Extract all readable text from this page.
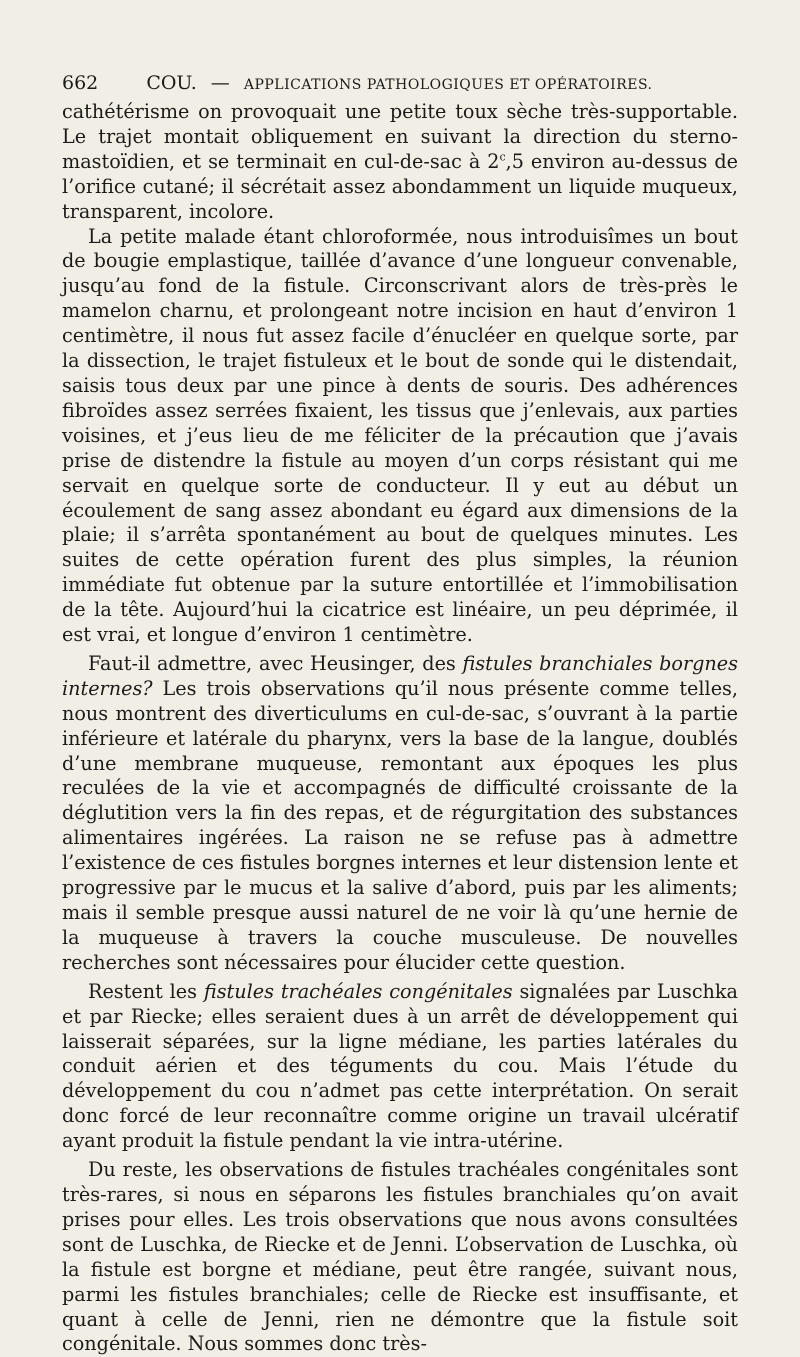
662	COU. — APPLICATIONS PATHOLOGIQUES ET OPÉRATOIRES.

cathétérisme on provoquait une petite toux sèche très-supportable. Le trajet montait obliquement en suivant la direction du sterno-mastoïdien, et se terminait en cul-de-sac à 2$^c$,5 environ au-dessus de l’orifice cutané; il sécrétait assez abondamment un liquide muqueux, transparent, incolore.

La petite malade étant chloroformée, nous introduisîmes un bout de bougie emplastique, taillée d’avance d’une longueur convenable, jusqu’au fond de la fistule. Circonscrivant alors de très-près le mamelon charnu, et prolongeant notre incision en haut d’environ 1 centimètre, il nous fut assez facile d’énucléer en quelque sorte, par la dissection, le trajet fistuleux et le bout de sonde qui le distendait, saisis tous deux par une pince à dents de souris. Des adhérences fibroïdes assez serrées fixaient, les tissus que j’enlevais, aux parties voisines, et j’eus lieu de me féliciter de la précaution que j’avais prise de distendre la fistule au moyen d’un corps résistant qui me servait en quelque sorte de conducteur. Il y eut au début un écoulement de sang assez abondant eu égard aux dimensions de la plaie; il s’arrêta spontanément au bout de quelques minutes. Les suites de cette opération furent des plus simples, la réunion immédiate fut obtenue par la suture entortillée et l’immobilisation de la tête. Aujourd’hui la cicatrice est linéaire, un peu déprimée, il est vrai, et longue d’environ 1 centimètre.

Faut-il admettre, avec Heusinger, des fistules branchiales borgnes internes? Les trois observations qu’il nous présente comme telles, nous montrent des diverticulums en cul-de-sac, s’ouvrant à la partie inférieure et latérale du pharynx, vers la base de la langue, doublés d’une membrane muqueuse, remontant aux époques les plus reculées de la vie et accompagnés de difficulté croissante de la déglutition vers la fin des repas, et de régurgitation des substances alimentaires ingérées. La raison ne se refuse pas à admettre l’existence de ces fistules borgnes internes et leur distension lente et progressive par le mucus et la salive d’abord, puis par les aliments; mais il semble presque aussi naturel de ne voir là qu’une hernie de la muqueuse à travers la couche musculeuse. De nouvelles recherches sont nécessaires pour élucider cette question.

Restent les fistules trachéales congénitales signalées par Luschka et par Riecke; elles seraient dues à un arrêt de développement qui laisserait séparées, sur la ligne médiane, les parties latérales du conduit aérien et des téguments du cou. Mais l’étude du développement du cou n’admet pas cette interprétation. On serait donc forcé de leur reconnaître comme origine un travail ulcératif ayant produit la fistule pendant la vie intra-utérine.

Du reste, les observations de fistules trachéales congénitales sont très-rares, si nous en séparons les fistules branchiales qu’on avait prises pour elles. Les trois observations que nous avons consultées sont de Luschka, de Riecke et de Jenni. L’observation de Luschka, où la fistule est borgne et médiane, peut être rangée, suivant nous, parmi les fistules branchiales; celle de Riecke est insuffisante, et quant à celle de Jenni, rien ne démontre que la fistule soit congénitale. Nous sommes donc très-
